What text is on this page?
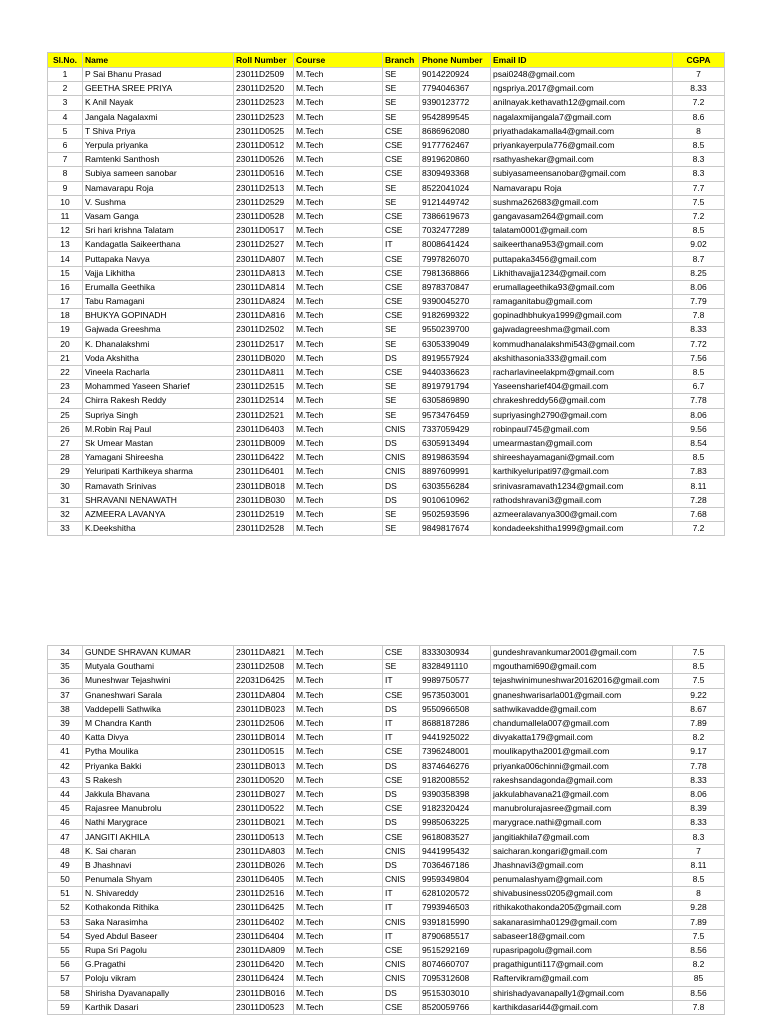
Sl.No.	Name	Roll Number	Course	Branch	Phone Number	Email ID	CGPA
1	P Sai Bhanu Prasad	23011D2509	M.Tech	SE	9014220924	psai0248@gmail.com	7
2	GEETHA SREE PRIYA	23011D2520	M.Tech	SE	7794046367	ngspriya.2017@gmail.com	8.33
3	K Anil Nayak	23011D2523	M.Tech	SE	9390123772	anilnayak.kethavath12@gmail.com	7.2
4	Jangala Nagalaxmi	23011D2523	M.Tech	SE	9542899545	nagalaxmijangala7@gmail.com	8.6
5	T Shiva Priya	23011D0525	M.Tech	CSE	8686962080	priyathadakamalla4@gmail.com	8
6	Yerpula priyanka	23011D0512	M.Tech	CSE	9177762467	priyankayerpula776@gmail.com	8.5
7	Ramtenki Santhosh	23011D0526	M.Tech	CSE	8919620860	rsathyashekar@gmail.com	8.3
8	Subiya sameen sanobar	23011D0516	M.Tech	CSE	8309493368	subiyasameensanobar@gmail.com	8.3
9	Namavarapu Roja	23011D2513	M.Tech	SE	8522041024	Namavarapu Roja	7.7
10	V. Sushma	23011D2529	M.Tech	SE	9121449742	sushma262683@gmail.com	7.5
11	Vasam Ganga	23011D0528	M.Tech	CSE	7386619673	gangavasam264@gmail.com	7.2
12	Sri hari krishna Talatam	23011D0517	M.Tech	CSE	7032477289	talatam0001@gmail.com	8.5
13	Kandagatla Saikeerthana	23011D2527	M.Tech	IT	8008641424	saikeerthana953@gmail.com	9.02
14	Puttapaka Navya	23011DA807	M.Tech	CSE	7997826070	puttapaka3456@gmail.com	8.7
15	Vajja Likhitha	23011DA813	M.Tech	CSE	7981368866	Likhithavajja1234@gmail.com	8.25
16	Erumalla Geethika	23011DA814	M.Tech	CSE	8978370847	erumallageethika93@gmail.com	8.06
17	Tabu Ramagani	23011DA824	M.Tech	CSE	9390045270	ramaganitabu@gmail.com	7.79
18	BHUKYA GOPINADH	23011DA816	M.Tech	CSE	9182699322	gopinadhbhukya1999@gmail.com	7.8
19	Gajwada Greeshma	23011D2502	M.Tech	SE	9550239700	gajwadagreeshma@gmail.com	8.33
20	K. Dhanalakshmi	23011D2517	M.Tech	SE	6305339049	kommudhanalakshmi543@gmail.com	7.72
21	Voda Akshitha	23011DB020	M.Tech	DS	8919557924	akshithasonia333@gmail.com	7.56
22	Vineela Racharla	23011DA811	M.Tech	CSE	9440336623	racharlavineelakpm@gmail.com	8.5
23	Mohammed Yaseen Sharief	23011D2515	M.Tech	SE	8919791794	Yaseensharief404@gmail.com	6.7
24	Chirra Rakesh Reddy	23011D2514	M.Tech	SE	6305869890	chrakeshreddy56@gmail.com	7.78
25	Supriya Singh	23011D2521	M.Tech	SE	9573476459	supriyasingh2790@gmail.com	8.06
26	M.Robin Raj Paul	23011D6403	M.Tech	CNIS	7337059429	robinpaul745@gmail.com	9.56
27	Sk Umear Mastan	23011DB009	M.Tech	DS	6305913494	umearmastan@gmail.com	8.54
28	Yamagani Shireesha	23011D6422	M.Tech	CNIS	8919863594	shireeshayamagani@gmail.com	8.5
29	Yeluripati Karthikeya sharma	23011D6401	M.Tech	CNIS	8897609991	karthikyeluripati97@gmail.com	7.83
30	Ramavath Srinivas	23011DB018	M.Tech	DS	6303556284	srinivasramavath1234@gmail.com	8.11
31	SHRAVANI NENAWATH	23011DB030	M.Tech	DS	9010610962	rathodshravani3@gmail.com	7.28
32	AZMEERA LAVANYA	23011D2519	M.Tech	SE	9502593596	azmeeralavanya300@gmail.com	7.68
33	K.Deekshitha	23011D2528	M.Tech	SE	9849817674	kondadeekshitha1999@gmail.com	7.2
34	GUNDE SHRAVAN KUMAR	23011DA821	M.Tech	CSE	8333030934	gundeshravankumar2001@gmail.com	7.5
35	Mutyala Gouthami	23011D2508	M.Tech	SE	8328491110	mgouthami690@gmail.com	8.5
36	Muneshwar Tejashwini	22031D6425	M.Tech	IT	9989750577	tejashwinimuneshwar20162016@gmail.com	7.5
37	Gnaneshwari Sarala	23011DA804	M.Tech	CSE	9573503001	gnaneshwarisarla001@gmail.com	9.22
38	Vaddepelli Sathwika	23011DB023	M.Tech	DS	9550966508	sathwikavadde@gmail.com	8.67
39	M Chandra Kanth	23011D2506	M.Tech	IT	8688187286	chandumallela007@gmail.com	7.89
40	Katta Divya	23011DB014	M.Tech	IT	9441925022	divyakatta179@gmail.com	8.2
41	Pytha Moulika	23011D0515	M.Tech	CSE	7396248001	moulikapytha2001@gmail.com	9.17
42	Priyanka Bakki	23011DB013	M.Tech	DS	8374646276	priyanka006chinni@gmail.com	7.78
43	S Rakesh	23011D0520	M.Tech	CSE	9182008552	rakeshsandagonda@gmail.com	8.33
44	Jakkula Bhavana	23011DB027	M.Tech	DS	9390358398	jakkulabhavana21@gmail.com	8.06
45	Rajasree Manubrolu	23011D0522	M.Tech	CSE	9182320424	manubrolurajasree@gmail.com	8.39
46	Nathi Marygrace	23011DB021	M.Tech	DS	9985063225	marygrace.nathi@gmail.com	8.33
47	JANGITI AKHILA	23011D0513	M.Tech	CSE	9618083527	jangitiakhila7@gmail.com	8.3
48	K. Sai charan	23011DA803	M.Tech	CNIS	9441995432	saicharan.kongari@gmail.com	7
49	B Jhashnavi	23011DB026	M.Tech	DS	7036467186	Jhashnavi3@gmail.com	8.11
50	Penumala Shyam	23011D6405	M.Tech	CNIS	9959349804	penumalashyam@gmail.com	8.5
51	N. Shivareddy	23011D2516	M.Tech	IT	6281020572	shivabusiness0205@gmail.com	8
52	Kothakonda Rithika	23011D6425	M.Tech	IT	7993946503	rithikakothakonda205@gmail.com	9.28
53	Saka Narasimha	23011D6402	M.Tech	CNIS	9391815990	sakanarasimha0129@gmail.com	7.89
54	Syed Abdul Baseer	23011D6404	M.Tech	IT	8790685517	sabaseer18@gmail.com	7.5
55	Rupa Sri Pagolu	23011DA809	M.Tech	CSE	9515292169	rupasripagolu@gmail.com	8.56
56	G.Pragathi	23011D6420	M.Tech	CNIS	8074660707	pragathigunti117@gmail.com	8.2
57	Poloju vikram	23011D6424	M.Tech	CNIS	7095312608	Raftervikram@gmail.com	85
58	Shirisha Dyavanapally	23011DB016	M.Tech	DS	9515303010	shirishadyavanapally1@gmail.com	8.56
59	Karthik Dasari	23011D0523	M.Tech	CSE	8520059766	karthikdasari44@gmail.com	7.8
